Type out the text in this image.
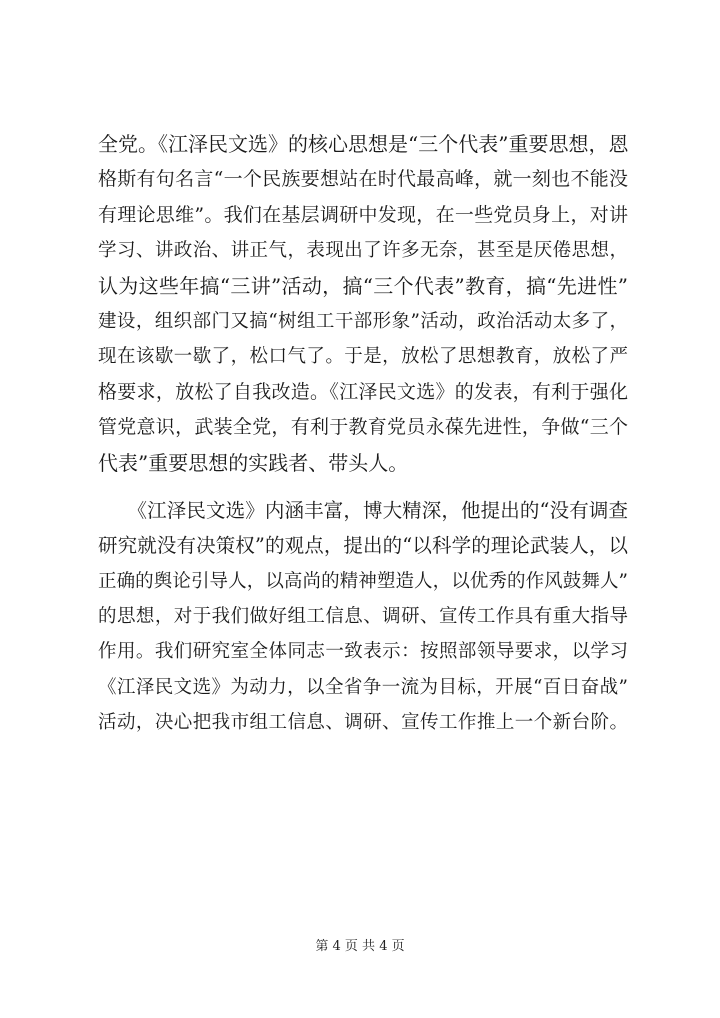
全党。《江泽民文选》的核心思想是“三个代表”重要思想，恩
格斯有句名言“一个民族要想站在时代最高峰，就一刻也不能没
有理论思维”。我们在基层调研中发现，在一些党员身上，对讲
学习、讲政治、讲正气，表现出了许多无奈，甚至是厌倦思想，
认为这些年搞“三讲”活动，搞“三个代表”教育，搞“先进性”
建设，组织部门又搞“树组工干部形象”活动，政治活动太多了，
现在该歇一歇了，松口气了。于是，放松了思想教育，放松了严
格要求，放松了自我改造。《江泽民文选》的发表，有利于强化
管党意识，武装全党，有利于教育党员永葆先进性，争做“三个
代表”重要思想的实践者、带头人。
　　《江泽民文选》内涵丰富，博大精深，他提出的“没有调查
研究就没有决策权”的观点，提出的“以科学的理论武装人，以
正确的舆论引导人，以高尚的精神塑造人，以优秀的作风鼓舞人”
的思想，对于我们做好组工信息、调研、宣传工作具有重大指导
作用。我们研究室全体同志一致表示：按照部领导要求，以学习
《江泽民文选》为动力，以全省争一流为目标，开展“百日奋战”
活动，决心把我市组工信息、调研、宣传工作推上一个新台阶。
第 4 页 共 4 页
